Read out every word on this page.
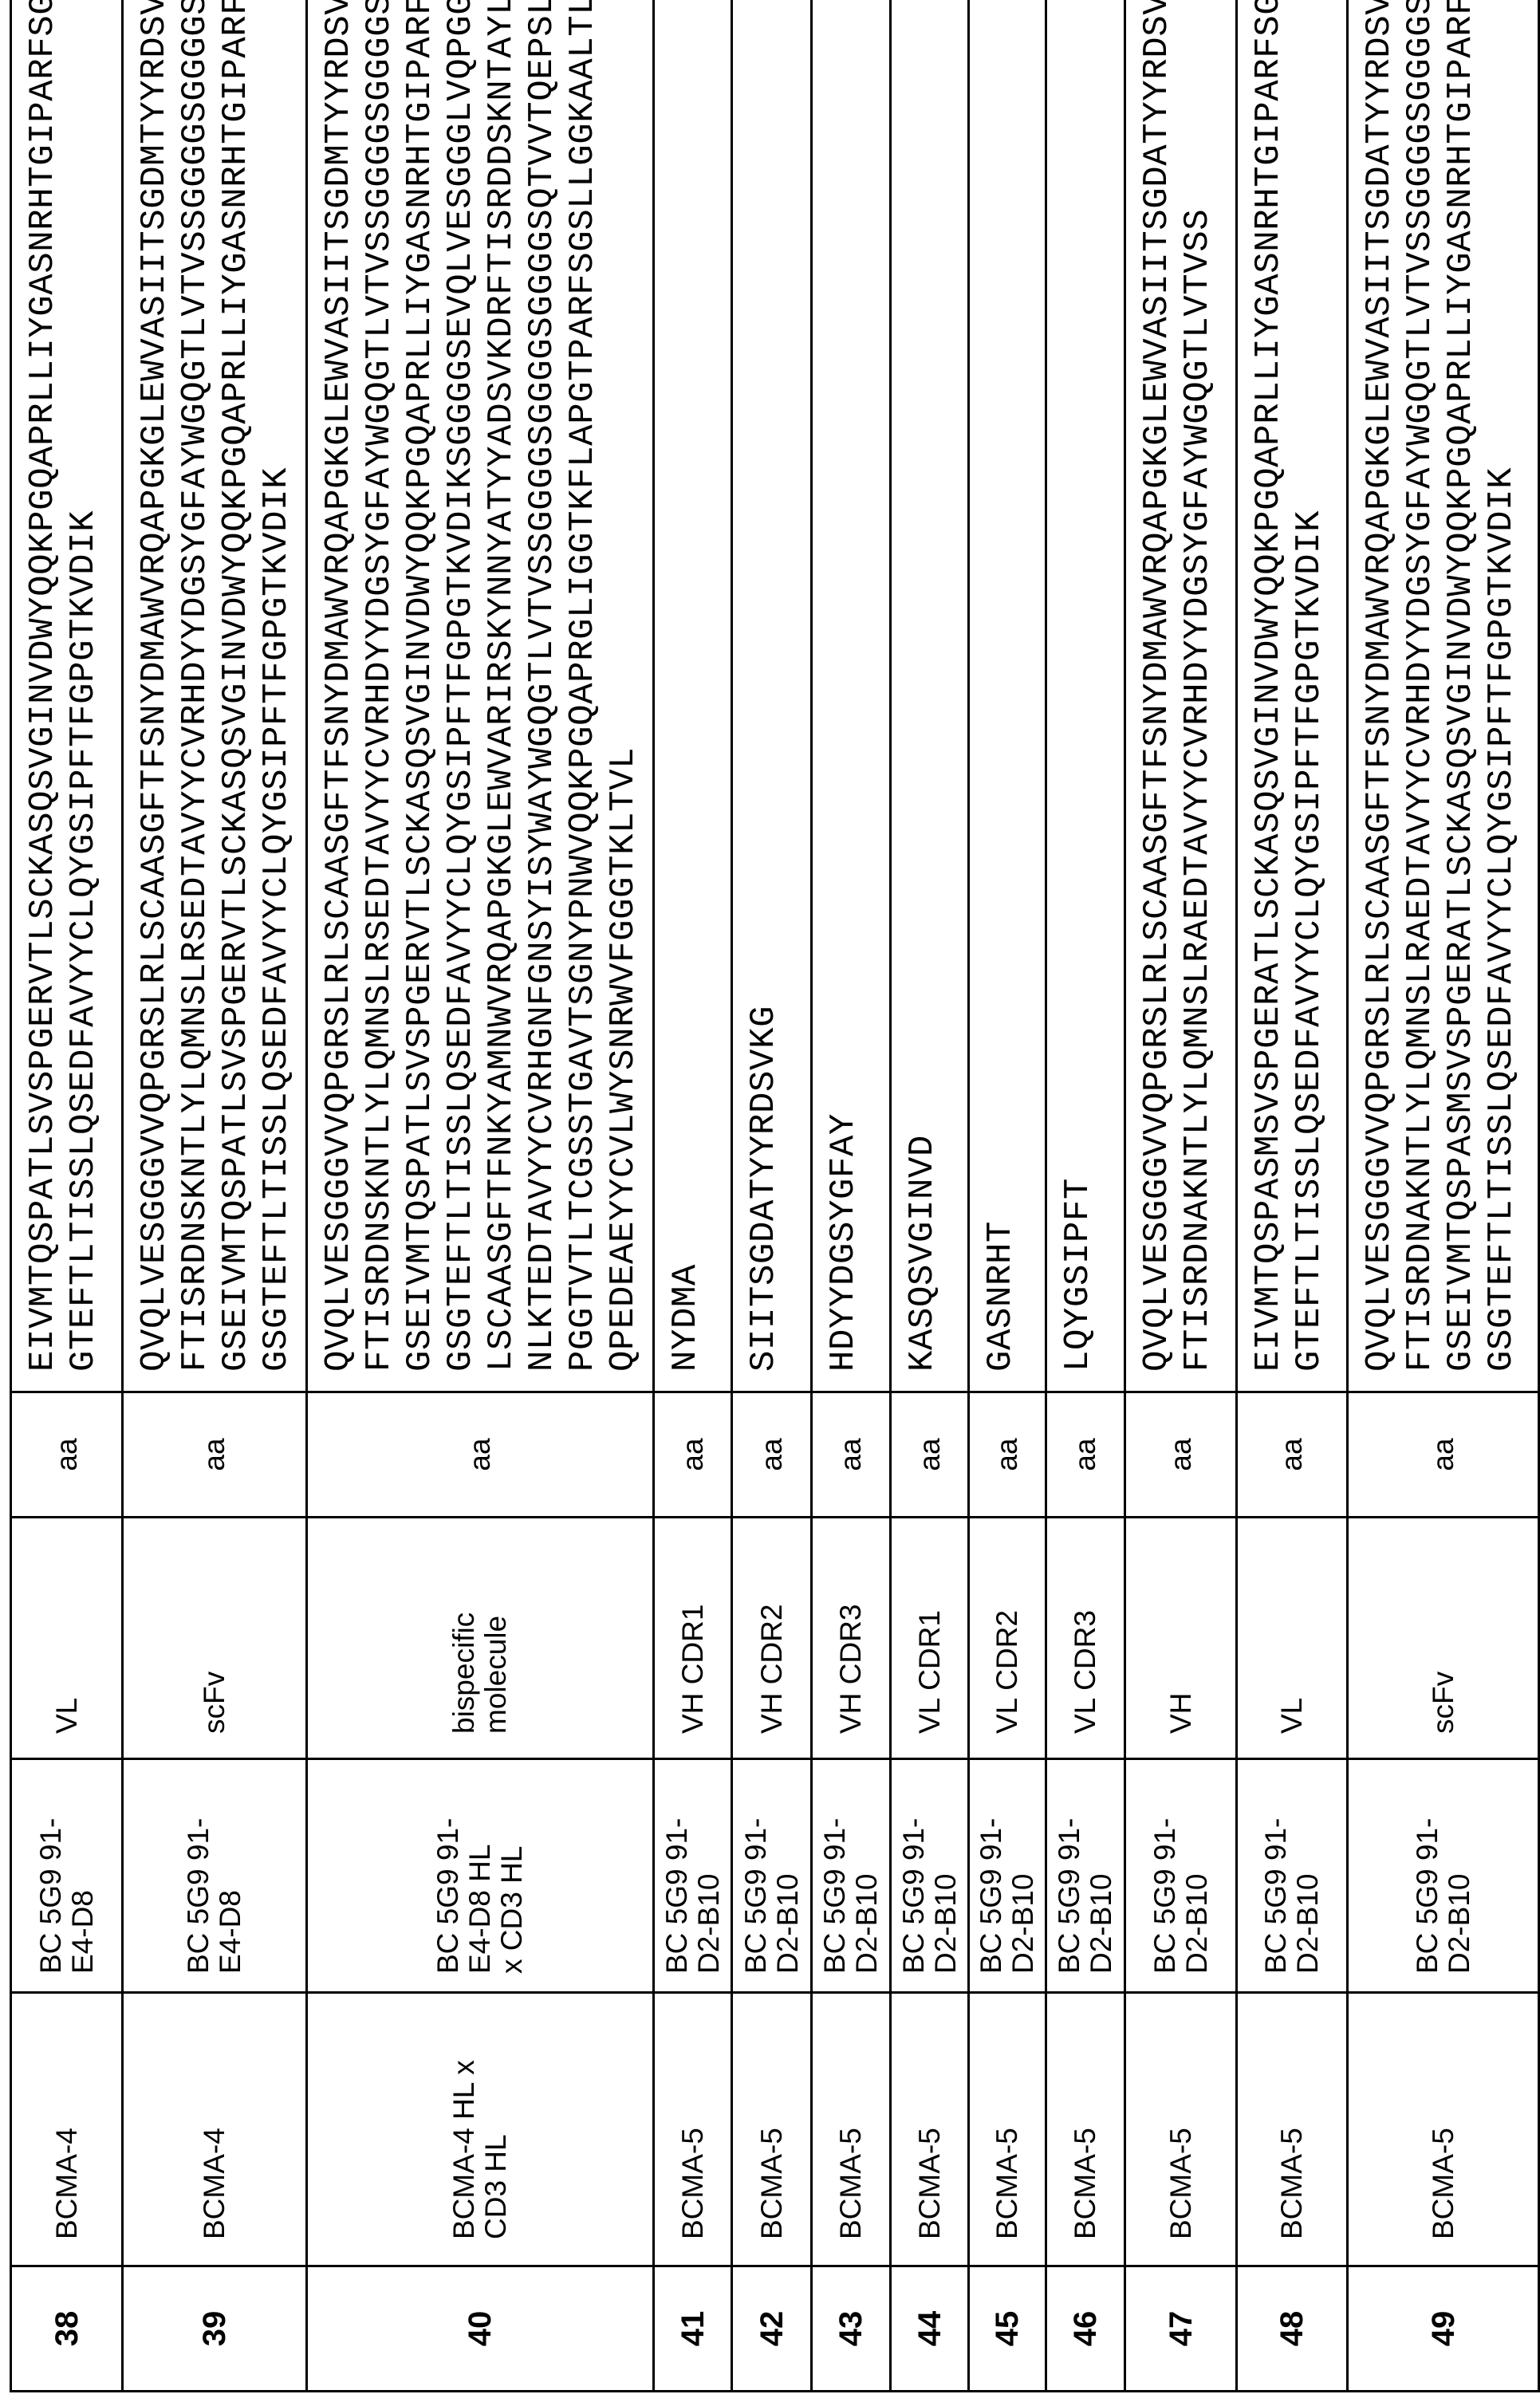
38

BCMA-4

BC 5G9 91-
E4-D8

VL

aa

EIVMTQSPATLSVSPGERVTLSCKASQSVGINVDWYQQKPGQAPRLLIYGASNRHTGIPARFSGSGS GTEFTLTISSLQSEDFAVYYCLQYGSIPFTFGPGTKVDIK

39

BCMA-4

BC 5G9 91-
E4-D8

scFv

aa

QVQLVESGGGVVQPGRSLRLSCAASGFTFSNYDMAWVRQAPGKGLEWVASIITSGDMTYYRDSVKGR FTISRDNSKNTLYLQMNSLRSEDTAVYYCVRHDYYDGSYGFAYWGQGTLVTVSSGGGGSGGGGSGGG GSEIVMTQSPATLSVSPGERVTLSCKASQSVGINVDWYQQKPGQAPRLLIYGASNRHTGIPARFSGS GSGTEFTLTISSLQSEDFAVYYCLQYGSIPFTFGPGTKVDIK

40

BCMA-4 HL x
CD3 HL

BC 5G9 91-
E4-D8 HL
x CD3 HL

bispecific
molecule

aa

QVQLVESGGGVVQPGRSLRLSCAASGFTFSNYDMAWVRQAPGKGLEWVASIITSGDMTYYRDSVKGR FTISRDNSKNTLYLQMNSLRSEDTAVYYCVRHDYYDGSYGFAYWGQGTLVTVSSGGGGSGGGGSGGG GSEIVMTQSPATLSVSPGERVTLSCKASQSVGINVDWYQQKPGQAPRLLIYGASNRHTGIPARFSGS GSGTEFTLTISSLQSEDFAVYYCLQYGSIPFTFGPGTKVDIKSGGGGSEVQLVESGGGLVQPGGSLK LSCAASGFTFNKYAMNWVRQAPGKGLEWVARIRSKYNNYATYYADSVKDRFTISRDDSKNTAYLQMN NLKTEDTAVYYCVRHGNFGNSYISYWAYWGQGTLVTVSSGGGGSGGGGSGGGGSQTVVTQEPSLTVS PGGTVTLTCGSSTGAVTSGNYPNWVQQKPGQAPRGLIGGTKFLAPGTPARFSGSLLGGKAALTLSGV QPEDEAEYYCVLWYSNRWVFGGGTKLTVL

41

BCMA-5

BC 5G9 91-
D2-B10

VH CDR1

aa

NYDMA

42

BCMA-5

BC 5G9 91-
D2-B10

VH CDR2

aa

SIITSGDATYYRDSVKG

43

BCMA-5

BC 5G9 91-
D2-B10

VH CDR3

aa

HDYYDGSYGFAY

44

BCMA-5

BC 5G9 91-
D2-B10

VL CDR1

aa

KASQSVGINVD

45

BCMA-5

BC 5G9 91-
D2-B10

VL CDR2

aa

GASNRHT

46

BCMA-5

BC 5G9 91-
D2-B10

VL CDR3

aa

LQYGSIPFT

47

BCMA-5

BC 5G9 91-
D2-B10

VH

aa

QVQLVESGGGVVQPGRSLRLSCAASGFTFSNYDMAWVRQAPGKGLEWVASIITSGDATYYRDSVKGR FTISRDNAKNTLYLQMNSLRAEDTAVYYCVRHDYYDGSYGFAYWGQGTLVTVSS

48

BCMA-5

BC 5G9 91-
D2-B10

VL

aa

EIVMTQSPASMSVSPGERATLSCKASQSVGINVDWYQQKPGQAPRLLIYGASNRHTGIPARFSGSGS GTEFTLTISSLQSEDFAVYYCLQYGSIPFTFGPGTKVDIK

49

BCMA-5

BC 5G9 91-
D2-B10

scFv

aa

QVQLVESGGGVVQPGRSLRLSCAASGFTFSNYDMAWVRQAPGKGLEWVASIITSGDATYYRDSVKGR FTISRDNAKNTLYLQMNSLRAEDTAVYYCVRHDYYDGSYGFAYWGQGTLVTVSSGGGGSGGGGSGGG GSEIVMTQSPASMSVSPGERATLSCKASQSVGINVDWYQQKPGQAPRLLIYGASNRHTGIPARFSGS GSGTEFTLTISSLQSEDFAVYYCLQYGSIPFTFGPGTKVDIK
